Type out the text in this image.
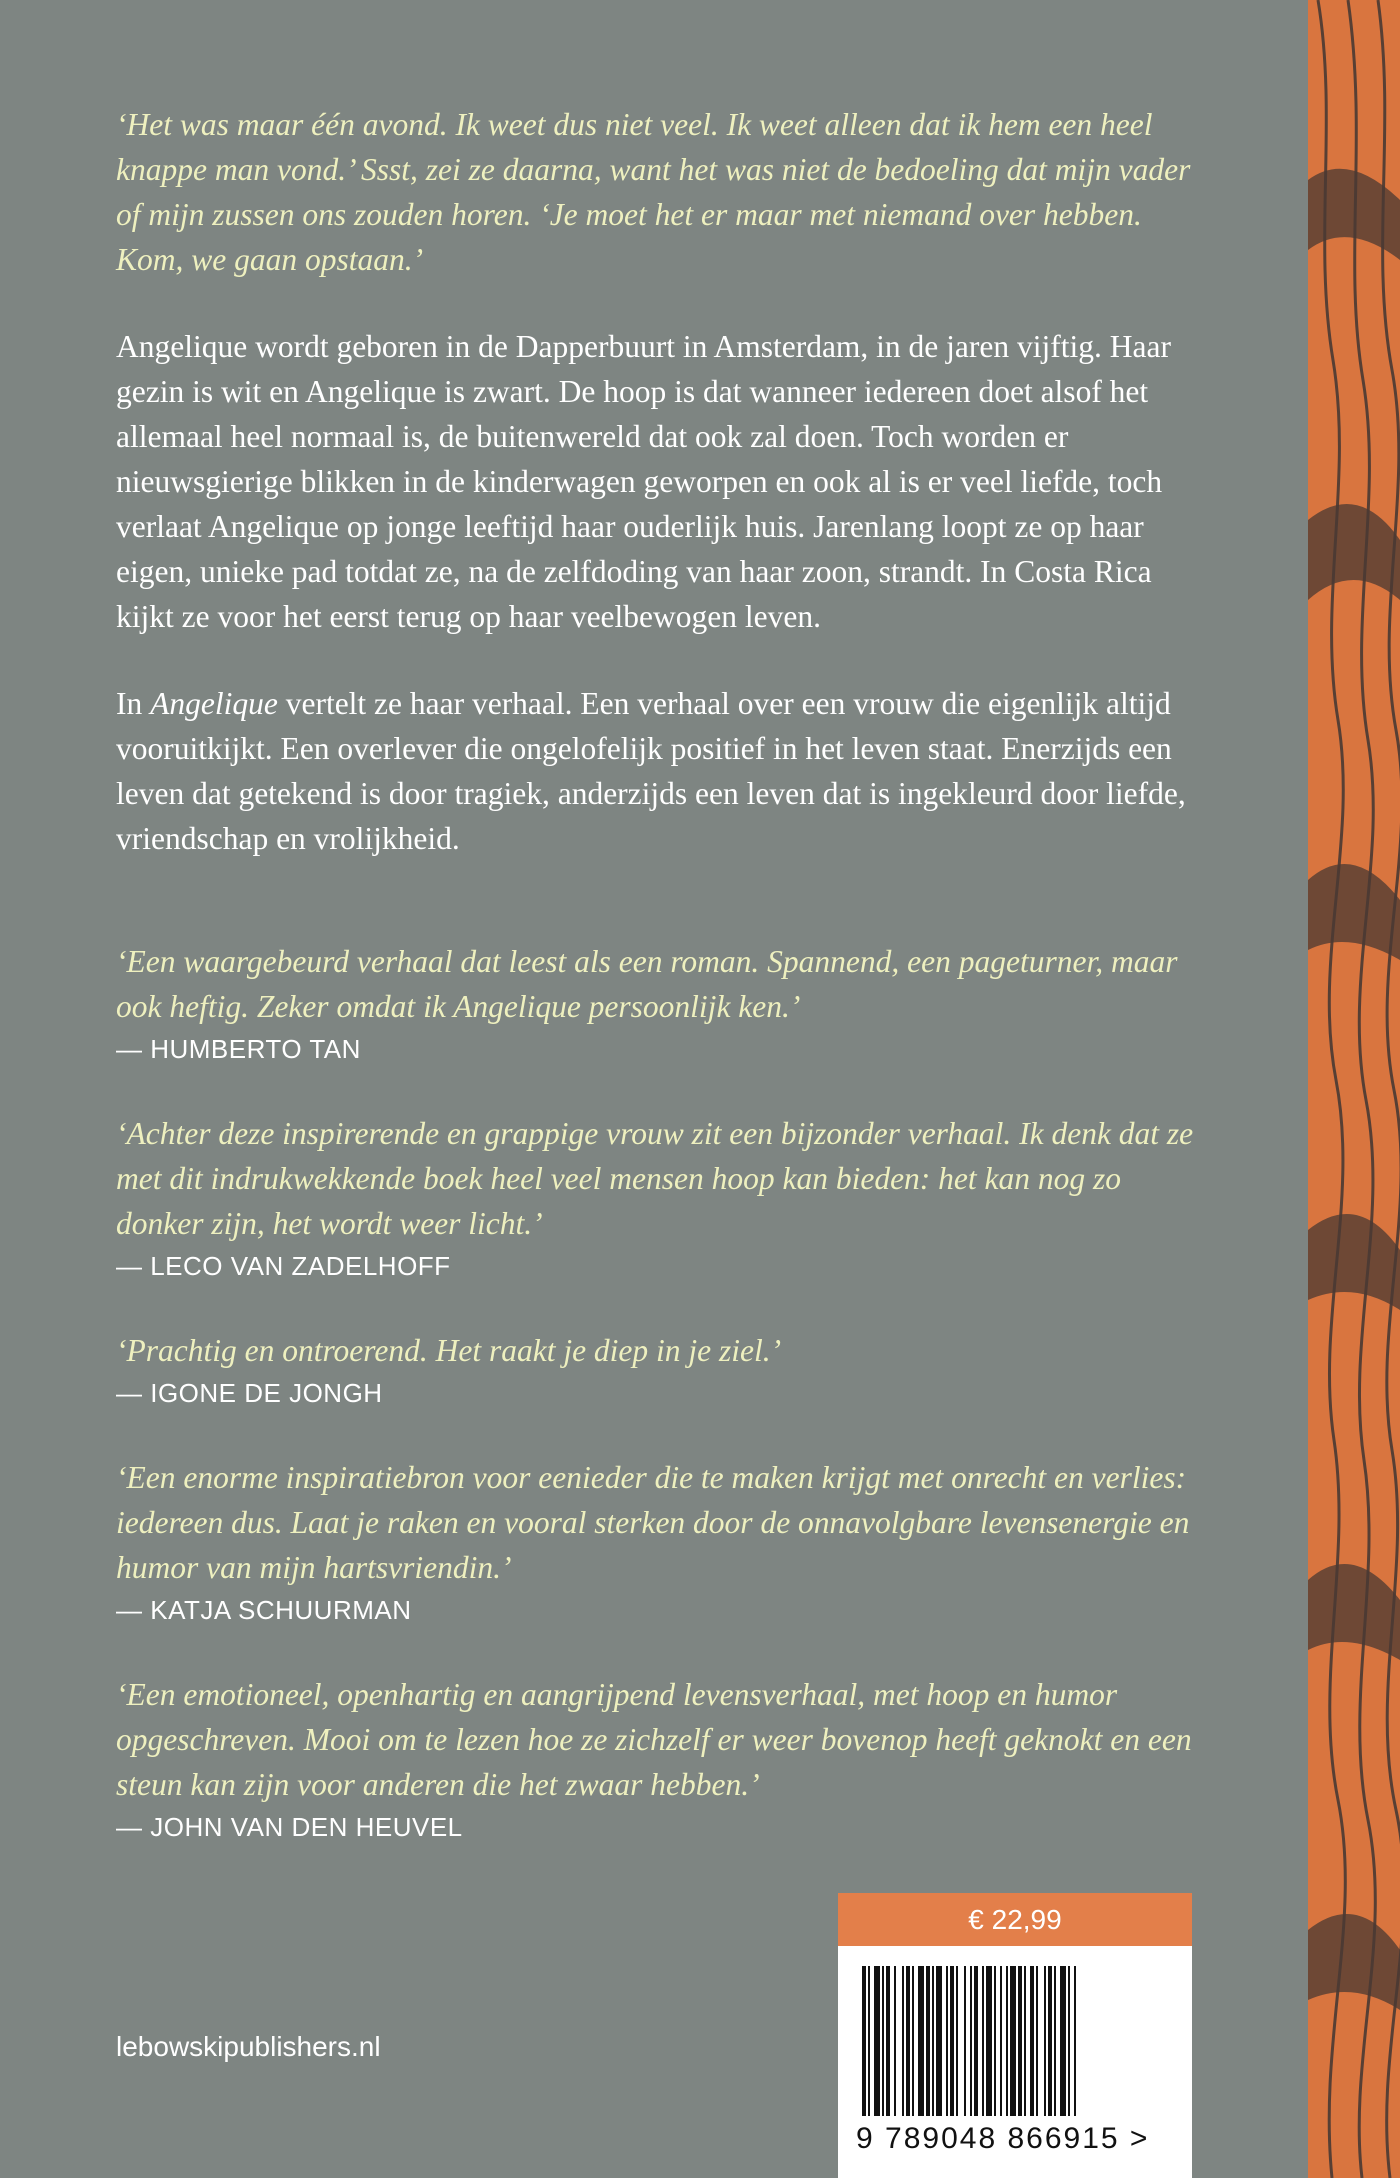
‘Het was maar één avond. Ik weet dus niet veel. Ik weet alleen dat ik hem een heel knappe man vond.’ Ssst, zei ze daarna, want het was niet de bedoeling dat mijn vader of mijn zussen ons zouden horen. ‘Je moet het er maar met niemand over hebben. Kom, we gaan opstaan.’

Angelique wordt geboren in de Dapperbuurt in Amsterdam, in de jaren vijftig. Haar gezin is wit en Angelique is zwart. De hoop is dat wanneer iedereen doet alsof het allemaal heel normaal is, de buitenwereld dat ook zal doen. Toch worden er nieuwsgierige blikken in de kinderwagen geworpen en ook al is er veel liefde, toch verlaat Angelique op jonge leeftijd haar ouderlijk huis. Jarenlang loopt ze op haar eigen, unieke pad totdat ze, na de zelfdoding van haar zoon, strandt. In Costa Rica kijkt ze voor het eerst terug op haar veelbewogen leven.

In Angelique vertelt ze haar verhaal. Een verhaal over een vrouw die eigenlijk altijd vooruitkijkt. Een overlever die ongelofelijk positief in het leven staat. Enerzijds een leven dat getekend is door tragiek, anderzijds een leven dat is ingekleurd door liefde, vriendschap en vrolijkheid.

‘Een waargebeurd verhaal dat leest als een roman. Spannend, een pageturner, maar ook heftig. Zeker omdat ik Angelique persoonlijk ken.’

— HUMBERTO TAN

‘Achter deze inspirerende en grappige vrouw zit een bijzonder verhaal. Ik denk dat ze met dit indrukwekkende boek heel veel mensen hoop kan bieden: het kan nog zo donker zijn, het wordt weer licht.’

— LECO VAN ZADELHOFF

‘Prachtig en ontroerend. Het raakt je diep in je ziel.’

— IGONE DE JONGH

‘Een enorme inspiratiebron voor eenieder die te maken krijgt met onrecht en verlies: iedereen dus. Laat je raken en vooral sterken door de onnavolgbare levensenergie en humor van mijn hartsvriendin.’

— KATJA SCHUURMAN

‘Een emotioneel, openhartig en aangrijpend levensverhaal, met hoop en humor opgeschreven. Mooi om te lezen hoe ze zichzelf er weer bovenop heeft geknokt en een steun kan zijn voor anderen die het zwaar hebben.’

— JOHN VAN DEN HEUVEL

lebowskipublishers.nl
€ 22,99
9 789048 866915 >
